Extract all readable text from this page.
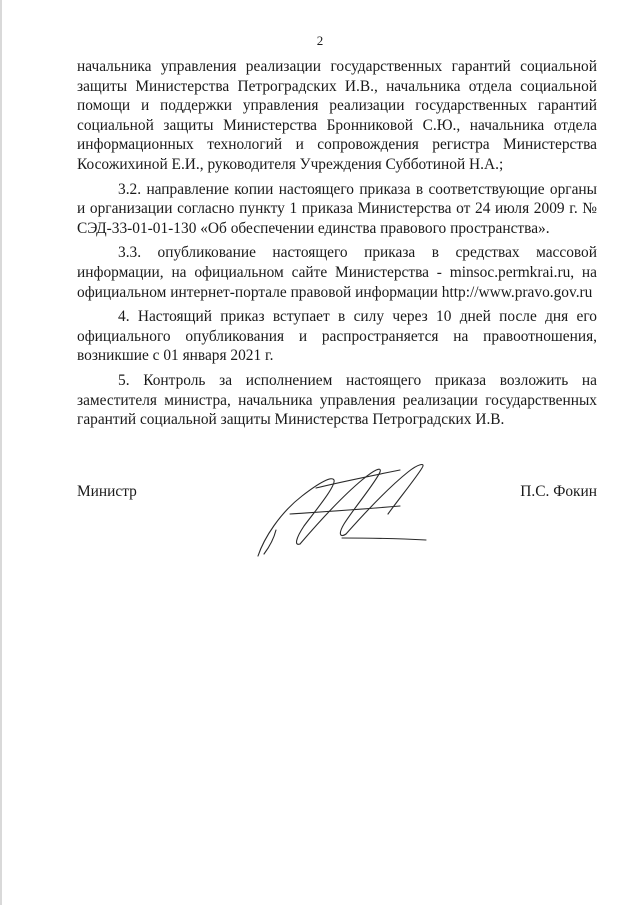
2

начальника управления реализации государственных гарантий социальной защиты Министерства Петроградских И.В., начальника отдела социальной помощи и поддержки управления реализации государственных гарантий социальной защиты Министерства Бронниковой С.Ю., начальника отдела информационных технологий и сопровождения регистра Министерства Косожихиной Е.И., руководителя Учреждения Субботиной Н.А.;

3.2. направление копии настоящего приказа в соответствующие органы и организации согласно пункту 1 приказа Министерства от 24 июля 2009 г. № СЭД-33-01-01-130 «Об обеспечении единства правового пространства».

3.3. опубликование настоящего приказа в средствах массовой информации, на официальном сайте Министерства - minsoc.permkrai.ru, на официальном интернет-портале правовой информации http://www.pravo.gov.ru

4. Настоящий приказ вступает в силу через 10 дней после дня его официального опубликования и распространяется на правоотношения, возникшие с 01 января 2021 г.

5. Контроль за исполнением настоящего приказа возложить на заместителя министра, начальника управления реализации государственных гарантий социальной защиты Министерства Петроградских И.В.

Министр	П.С. Фокин
